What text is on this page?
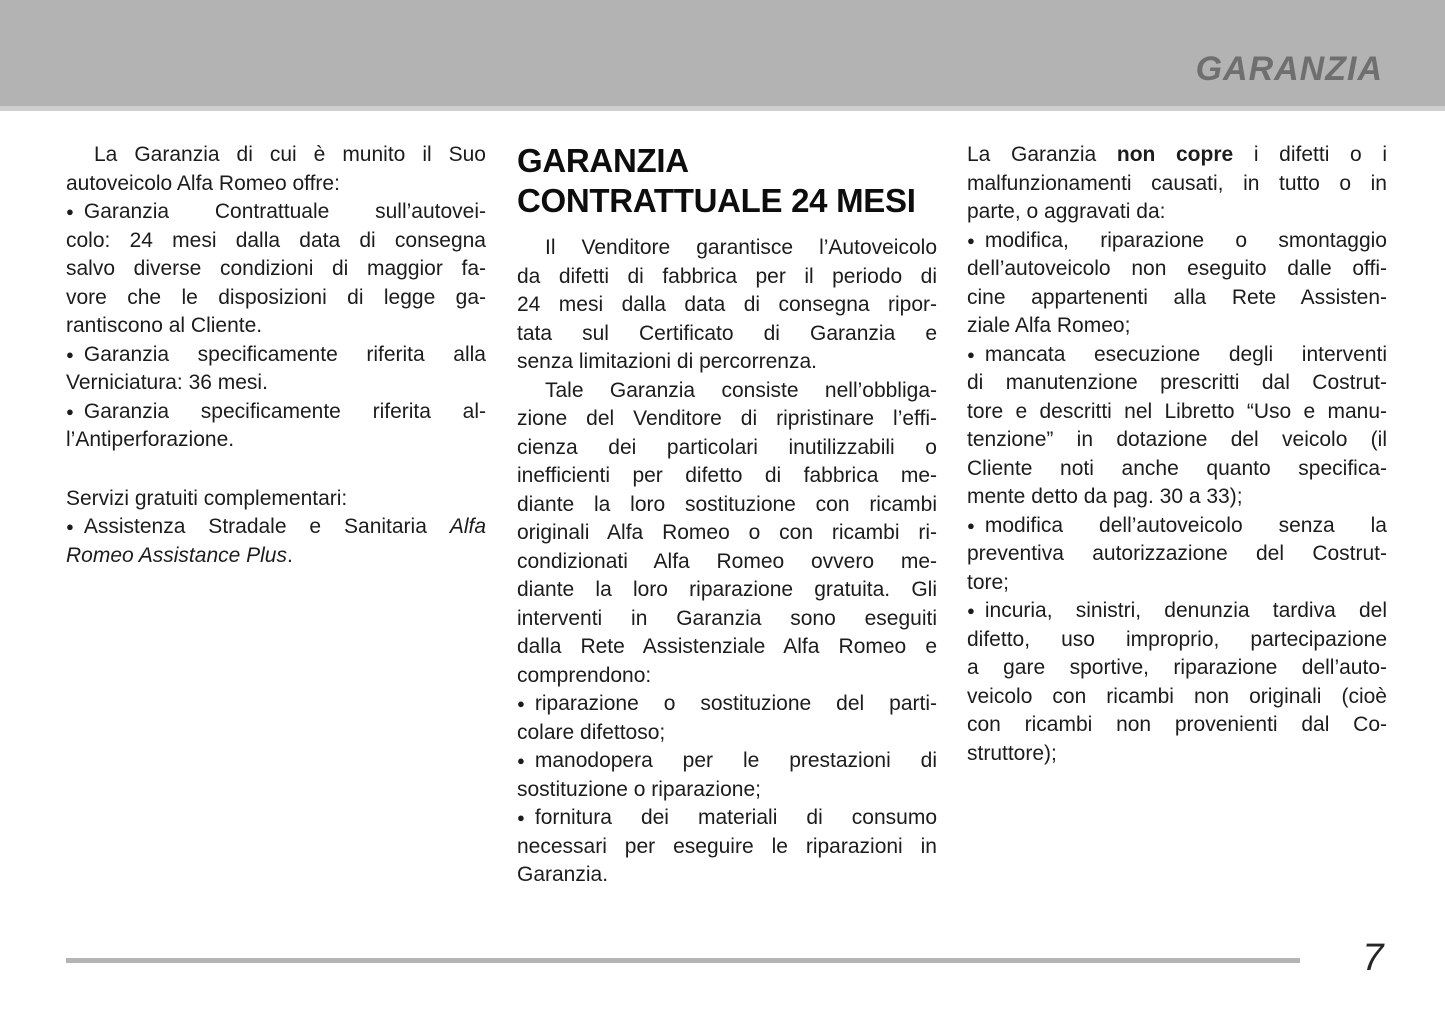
GARANZIA
La Garanzia di cui è munito il Suo
autoveicolo Alfa Romeo offre:
● Garanzia Contrattuale sull’autovei-
colo: 24 mesi dalla data di consegna
salvo diverse condizioni di maggior fa-
vore che le disposizioni di legge ga-
rantiscono al Cliente.
● Garanzia specificamente riferita alla
Verniciatura: 36 mesi.
● Garanzia specificamente riferita al-
l’Antiperforazione.
Servizi gratuiti complementari:
● Assistenza Stradale e Sanitaria Alfa
Romeo Assistance Plus.
GARANZIA
CONTRATTUALE 24 MESI
Il Venditore garantisce l’Autoveicolo
da difetti di fabbrica per il periodo di
24 mesi dalla data di consegna ripor-
tata sul Certificato di Garanzia e
senza limitazioni di percorrenza.
Tale Garanzia consiste nell’obbliga-
zione del Venditore di ripristinare l’effi-
cienza dei particolari inutilizzabili o
inefficienti per difetto di fabbrica me-
diante la loro sostituzione con ricambi
originali Alfa Romeo o con ricambi ri-
condizionati Alfa Romeo ovvero me-
diante la loro riparazione gratuita. Gli
interventi in Garanzia sono eseguiti
dalla Rete Assistenziale Alfa Romeo e
comprendono:
● riparazione o sostituzione del parti-
colare difettoso;
● manodopera per le prestazioni di
sostituzione o riparazione;
● fornitura dei materiali di consumo
necessari per eseguire le riparazioni in
Garanzia.
La Garanzia non copre i difetti o i
malfunzionamenti causati, in tutto o in
parte, o aggravati da:
● modifica, riparazione o smontaggio
dell’autoveicolo non eseguito dalle offi-
cine appartenenti alla Rete Assisten-
ziale Alfa Romeo;
● mancata esecuzione degli interventi
di manutenzione prescritti dal Costrut-
tore e descritti nel Libretto “Uso e manu-
tenzione” in dotazione del veicolo (il
Cliente noti anche quanto specifica-
mente detto da pag. 30 a 33);
● modifica dell’autoveicolo senza la
preventiva autorizzazione del Costrut-
tore;
● incuria, sinistri, denunzia tardiva del
difetto, uso improprio, partecipazione
a gare sportive, riparazione dell’auto-
veicolo con ricambi non originali (cioè
con ricambi non provenienti dal Co-
struttore);
7
